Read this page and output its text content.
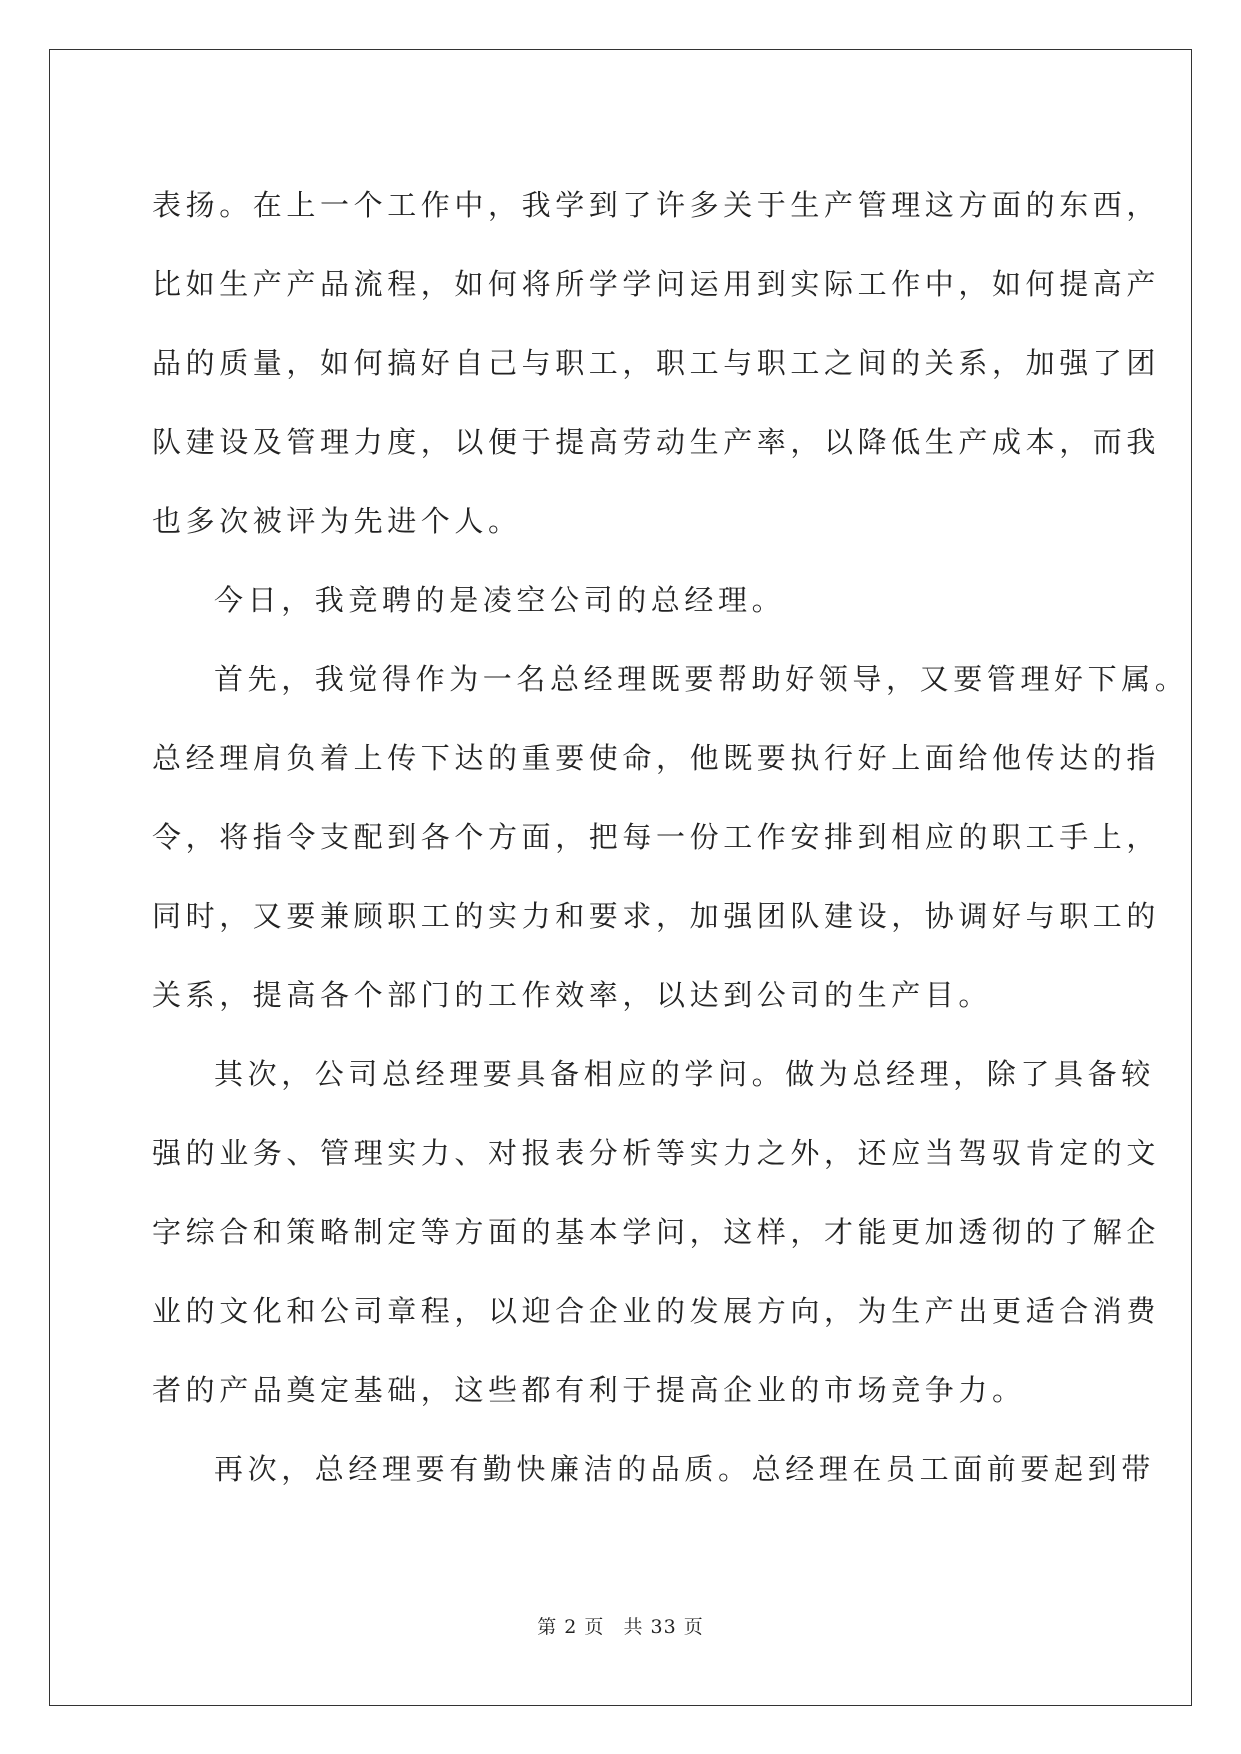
表扬。在上一个工作中，我学到了许多关于生产管理这方面的东西，
比如生产产品流程，如何将所学学问运用到实际工作中，如何提高产
品的质量，如何搞好自己与职工，职工与职工之间的关系，加强了团
队建设及管理力度，以便于提高劳动生产率，以降低生产成本，而我
也多次被评为先进个人。
今日，我竞聘的是凌空公司的总经理。
首先，我觉得作为一名总经理既要帮助好领导，又要管理好下属。
总经理肩负着上传下达的重要使命，他既要执行好上面给他传达的指
令，将指令支配到各个方面，把每一份工作安排到相应的职工手上，
同时，又要兼顾职工的实力和要求，加强团队建设，协调好与职工的
关系，提高各个部门的工作效率，以达到公司的生产目。
其次，公司总经理要具备相应的学问。做为总经理，除了具备较
强的业务、管理实力、对报表分析等实力之外，还应当驾驭肯定的文
字综合和策略制定等方面的基本学问，这样，才能更加透彻的了解企
业的文化和公司章程，以迎合企业的发展方向，为生产出更适合消费
者的产品奠定基础，这些都有利于提高企业的市场竞争力。
再次，总经理要有勤快廉洁的品质。总经理在员工面前要起到带
第 2 页 共 33 页
